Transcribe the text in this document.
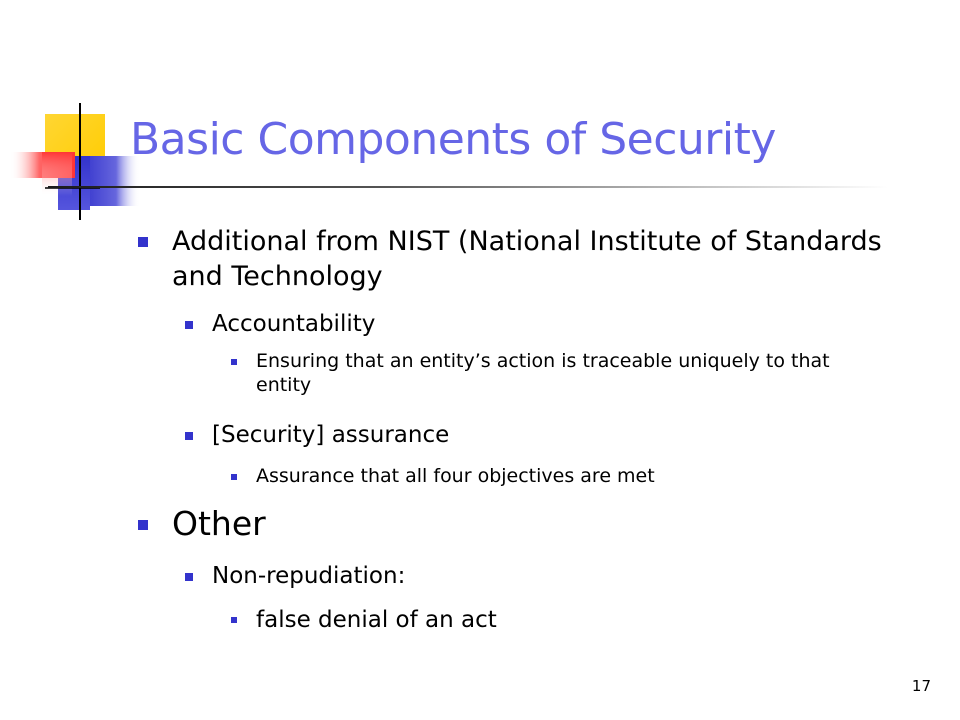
Basic Components of Security
Additional from NIST (National Institute of Standards and Technology
Accountability
Ensuring that an entity’s action is traceable uniquely to that entity
[Security] assurance
Assurance that all four objectives are met
Other
Non-repudiation:
false denial of an act
17
